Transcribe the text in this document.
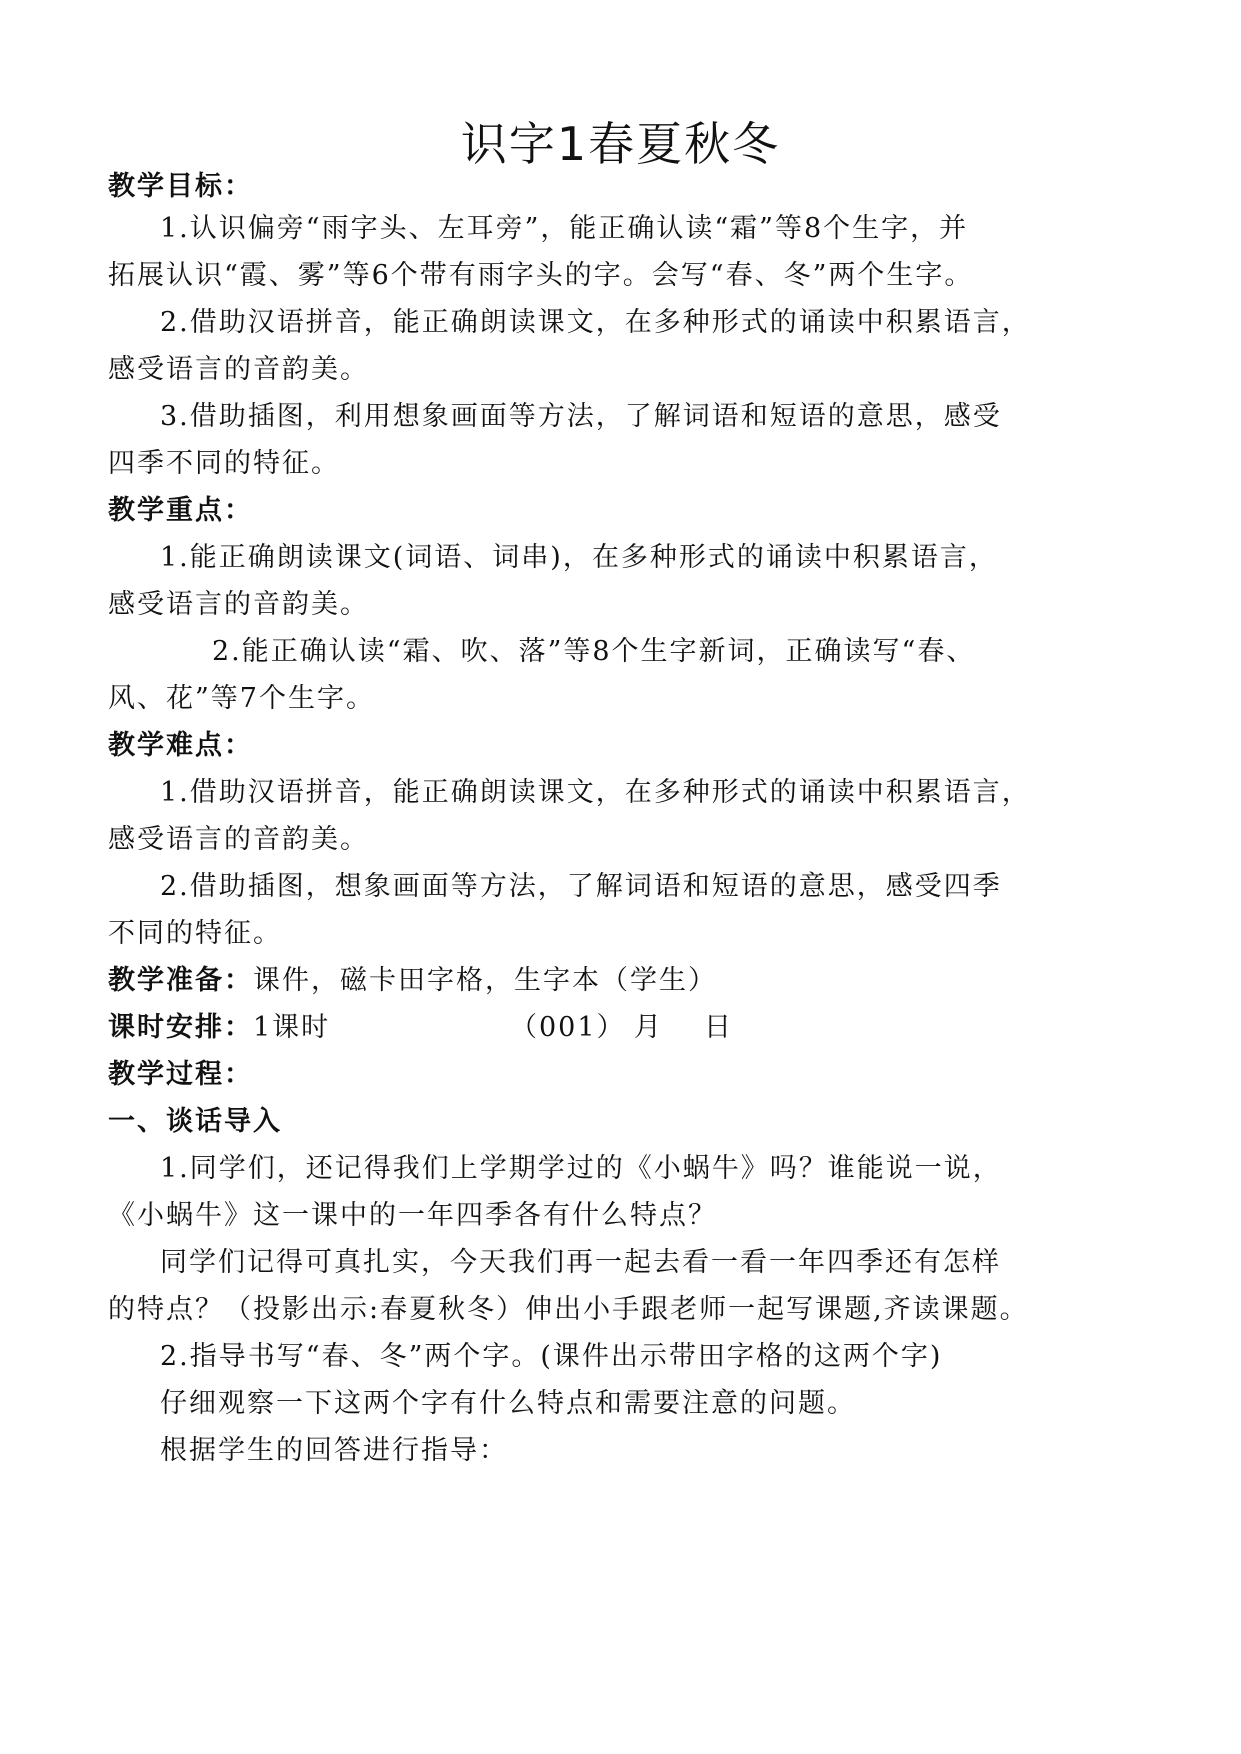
识字1春夏秋冬
教学目标：
1.认识偏旁“雨字头、左耳旁”，能正确认读“霜”等8个生字，并
拓展认识“霞、雾”等6个带有雨字头的字。会写“春、冬”两个生字。
2.借助汉语拼音，能正确朗读课文，在多种形式的诵读中积累语言，
感受语言的音韵美。
3.借助插图，利用想象画面等方法，了解词语和短语的意思，感受
四季不同的特征。
教学重点：
1.能正确朗读课文(词语、词串)，在多种形式的诵读中积累语言，
感受语言的音韵美。
2.能正确认读“霜、吹、落”等8个生字新词，正确读写“春、
风、花”等7个生字。
教学难点：
1.借助汉语拼音，能正确朗读课文，在多种形式的诵读中积累语言，
感受语言的音韵美。
2.借助插图，想象画面等方法，了解词语和短语的意思，感受四季
不同的特征。
教学准备：课件，磁卡田字格，生字本（学生）
课时安排：1课时	（001） 月 日
教学过程：
一、谈话导入
1.同学们，还记得我们上学期学过的《小蜗牛》吗？谁能说一说，
《小蜗牛》这一课中的一年四季各有什么特点？
同学们记得可真扎实，今天我们再一起去看一看一年四季还有怎样
的特点？（投影出示:春夏秋冬）伸出小手跟老师一起写课题,齐读课题。
2.指导书写“春、冬”两个字。(课件出示带田字格的这两个字)
仔细观察一下这两个字有什么特点和需要注意的问题。
根据学生的回答进行指导：
